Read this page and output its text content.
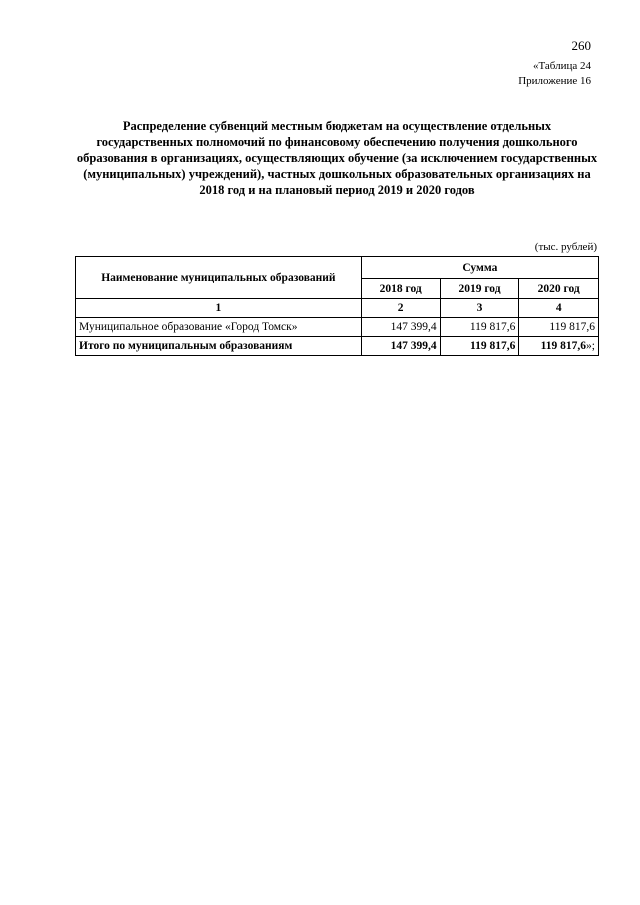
260
«Таблица 24
Приложение 16
Распределение субвенций местным бюджетам на осуществление отдельных государственных полномочий по финансовому обеспечению получения дошкольного образования в организациях, осуществляющих обучение (за исключением государственных (муниципальных) учреждений), частных дошкольных образовательных организациях на 2018 год и на плановый период 2019 и 2020 годов
(тыс. рублей)
Наименование муниципальных образований	Сумма		
	2018 год	2019 год	2020 год
1	2	3	4
Муниципальное образование «Город Томск»	147 399,4	119 817,6	119 817,6
Итого по муниципальным образованиям	147 399,4	119 817,6	119 817,6»;
